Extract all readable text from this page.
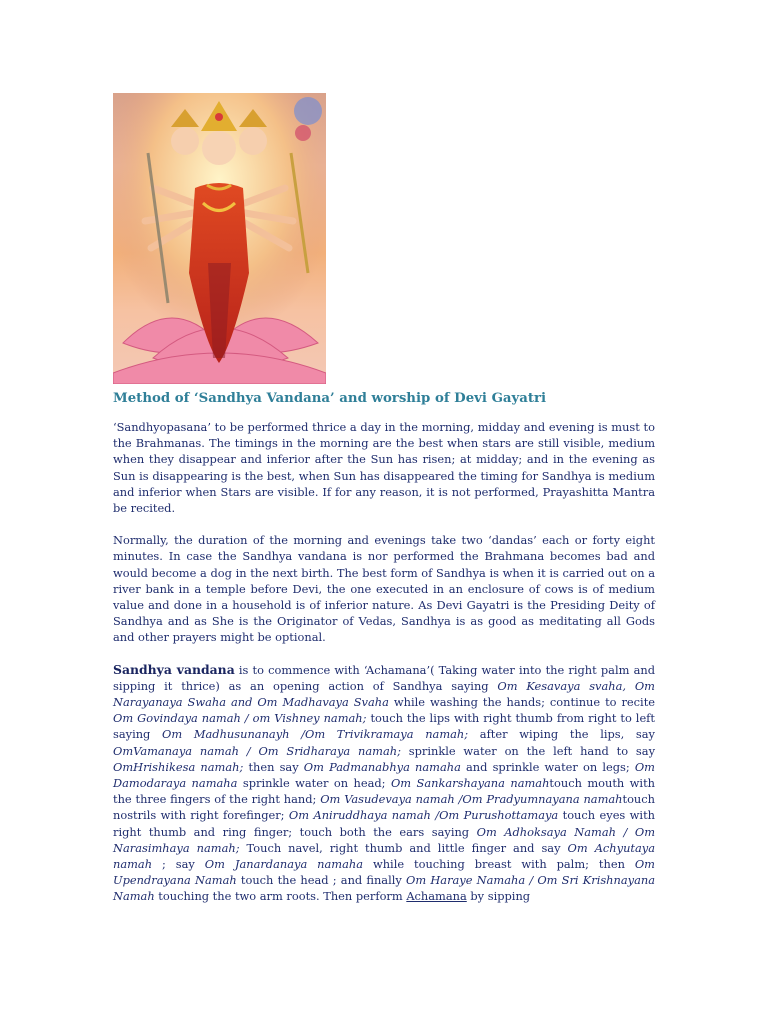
Method of ‘Sandhya Vandana’ and worship of Devi Gayatri

‘Sandhyopasana’ to be performed thrice a day in the morning, midday and evening is must to the Brahmanas. The timings in the morning are the best when stars are still visible, medium when they disappear and inferior after the Sun has risen; at midday; and in the evening as Sun is disappearing is the best, when Sun has disappeared the timing for Sandhya is medium and inferior when Stars are visible. If for any reason, it is not performed, Prayashitta Mantra be recited.

Normally, the duration of the morning and evenings take two ‘dandas’ each or forty eight minutes. In case the Sandhya vandana is nor performed the Brahmana becomes bad and would become a dog in the next birth. The best form of Sandhya is when it is carried out on a river bank in a temple before Devi, the one executed in an enclosure of cows is of medium value and done in a household is of inferior nature. As Devi Gayatri is the Presiding Deity of Sandhya and as She is the Originator of Vedas, Sandhya is as good as meditating all Gods and other prayers might be optional.

Sandhya vandana is to commence with ‘Achamana’( Taking water into the right palm and sipping it thrice) as an opening action of Sandhya saying Om Kesavaya svaha, Om Narayanaya Swaha and Om Madhavaya Svaha while washing the hands; continue to recite Om Govindaya namah / om Vishney namah; touch the lips with right thumb from right to left saying Om Madhusunanayh /Om Trivikramaya namah; after wiping the lips, say OmVamanaya namah / Om Sridharaya namah; sprinkle water on the left hand to say OmHrishikesa namah; then say Om Padmanabhya namaha and sprinkle water on legs; Om Damodaraya namaha sprinkle water on head; Om Sankarshayana namahtouch mouth with the three fingers of the right hand; Om Vasudevaya namah /Om Pradyumnayana namahtouch nostrils with right forefinger; Om Aniruddhaya namah /Om Purushottamaya touch eyes with right thumb and ring finger; touch both the ears saying Om Adhoksaya Namah / Om Narasimhaya namah; Touch navel, right thumb and little finger and say Om Achyutaya namah ; say Om Janardanaya namaha while touching breast with palm; then Om Upendrayana Namah touch the head ; and finally Om Haraye Namaha / Om Sri Krishnayana Namah touching the two arm roots. Then perform Achamana by sipping
